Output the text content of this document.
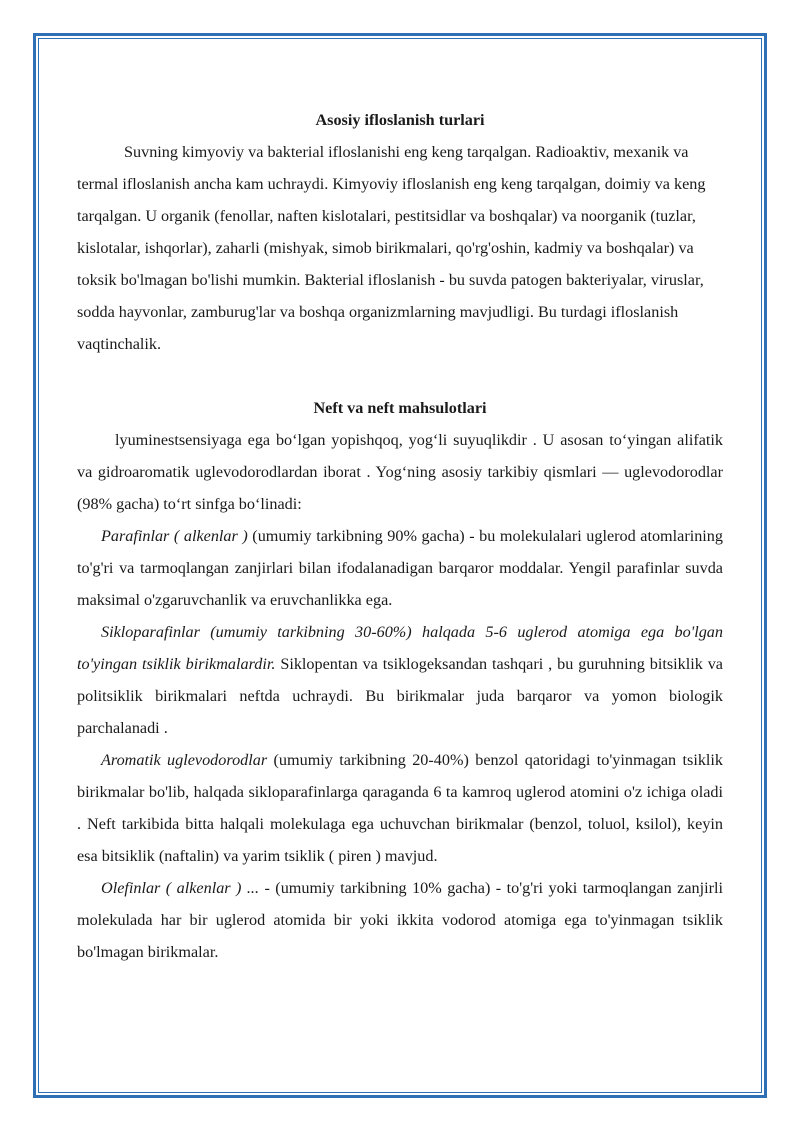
Asosiy ifloslanish turlari

Suvning kimyoviy va bakterial ifloslanishi eng keng tarqalgan. Radioaktiv, mexanik va termal ifloslanish ancha kam uchraydi. Kimyoviy ifloslanish eng keng tarqalgan, doimiy va keng tarqalgan. U organik (fenollar, naften kislotalari, pestitsidlar va boshqalar) va noorganik (tuzlar, kislotalar, ishqorlar), zaharli (mishyak, simob birikmalari, qo'rg'oshin, kadmiy va boshqalar) va toksik bo'lmagan bo'lishi mumkin. Bakterial ifloslanish - bu suvda patogen bakteriyalar, viruslar, sodda hayvonlar, zamburug'lar va boshqa organizmlarning mavjudligi. Bu turdagi ifloslanish vaqtinchalik.

Neft va neft mahsulotlari

lyuminestsensiyaga ega bo‘lgan yopishqoq, yog‘li suyuqlikdir . U asosan to‘yingan alifatik va gidroaromatik uglevodorodlardan iborat . Yog‘ning asosiy tarkibiy qismlari — uglevodorodlar (98% gacha) to‘rt sinfga bo‘linadi:

Parafinlar ( alkenlar ) (umumiy tarkibning 90% gacha) - bu molekulalari uglerod atomlarining to'g'ri va tarmoqlangan zanjirlari bilan ifodalanadigan barqaror moddalar. Yengil parafinlar suvda maksimal o'zgaruvchanlik va eruvchanlikka ega.

Sikloparafinlar (umumiy tarkibning 30-60%) halqada 5-6 uglerod atomiga ega bo'lgan to'yingan tsiklik birikmalardir. Siklopentan va tsiklogeksandan tashqari , bu guruhning bitsiklik va politsiklik birikmalari neftda uchraydi. Bu birikmalar juda barqaror va yomon biologik parchalanadi .

Aromatik uglevodorodlar (umumiy tarkibning 20-40%) benzol qatoridagi to'yinmagan tsiklik birikmalar bo'lib, halqada sikloparafinlarga qaraganda 6 ta kamroq uglerod atomini o'z ichiga oladi . Neft tarkibida bitta halqali molekulaga ega uchuvchan birikmalar (benzol, toluol, ksilol), keyin esa bitsiklik (naftalin) va yarim tsiklik ( piren ) mavjud.

Olefinlar ( alkenlar ) ... - (umumiy tarkibning 10% gacha) - to'g'ri yoki tarmoqlangan zanjirli molekulada har bir uglerod atomida bir yoki ikkita vodorod atomiga ega to'yinmagan tsiklik bo'lmagan birikmalar.
